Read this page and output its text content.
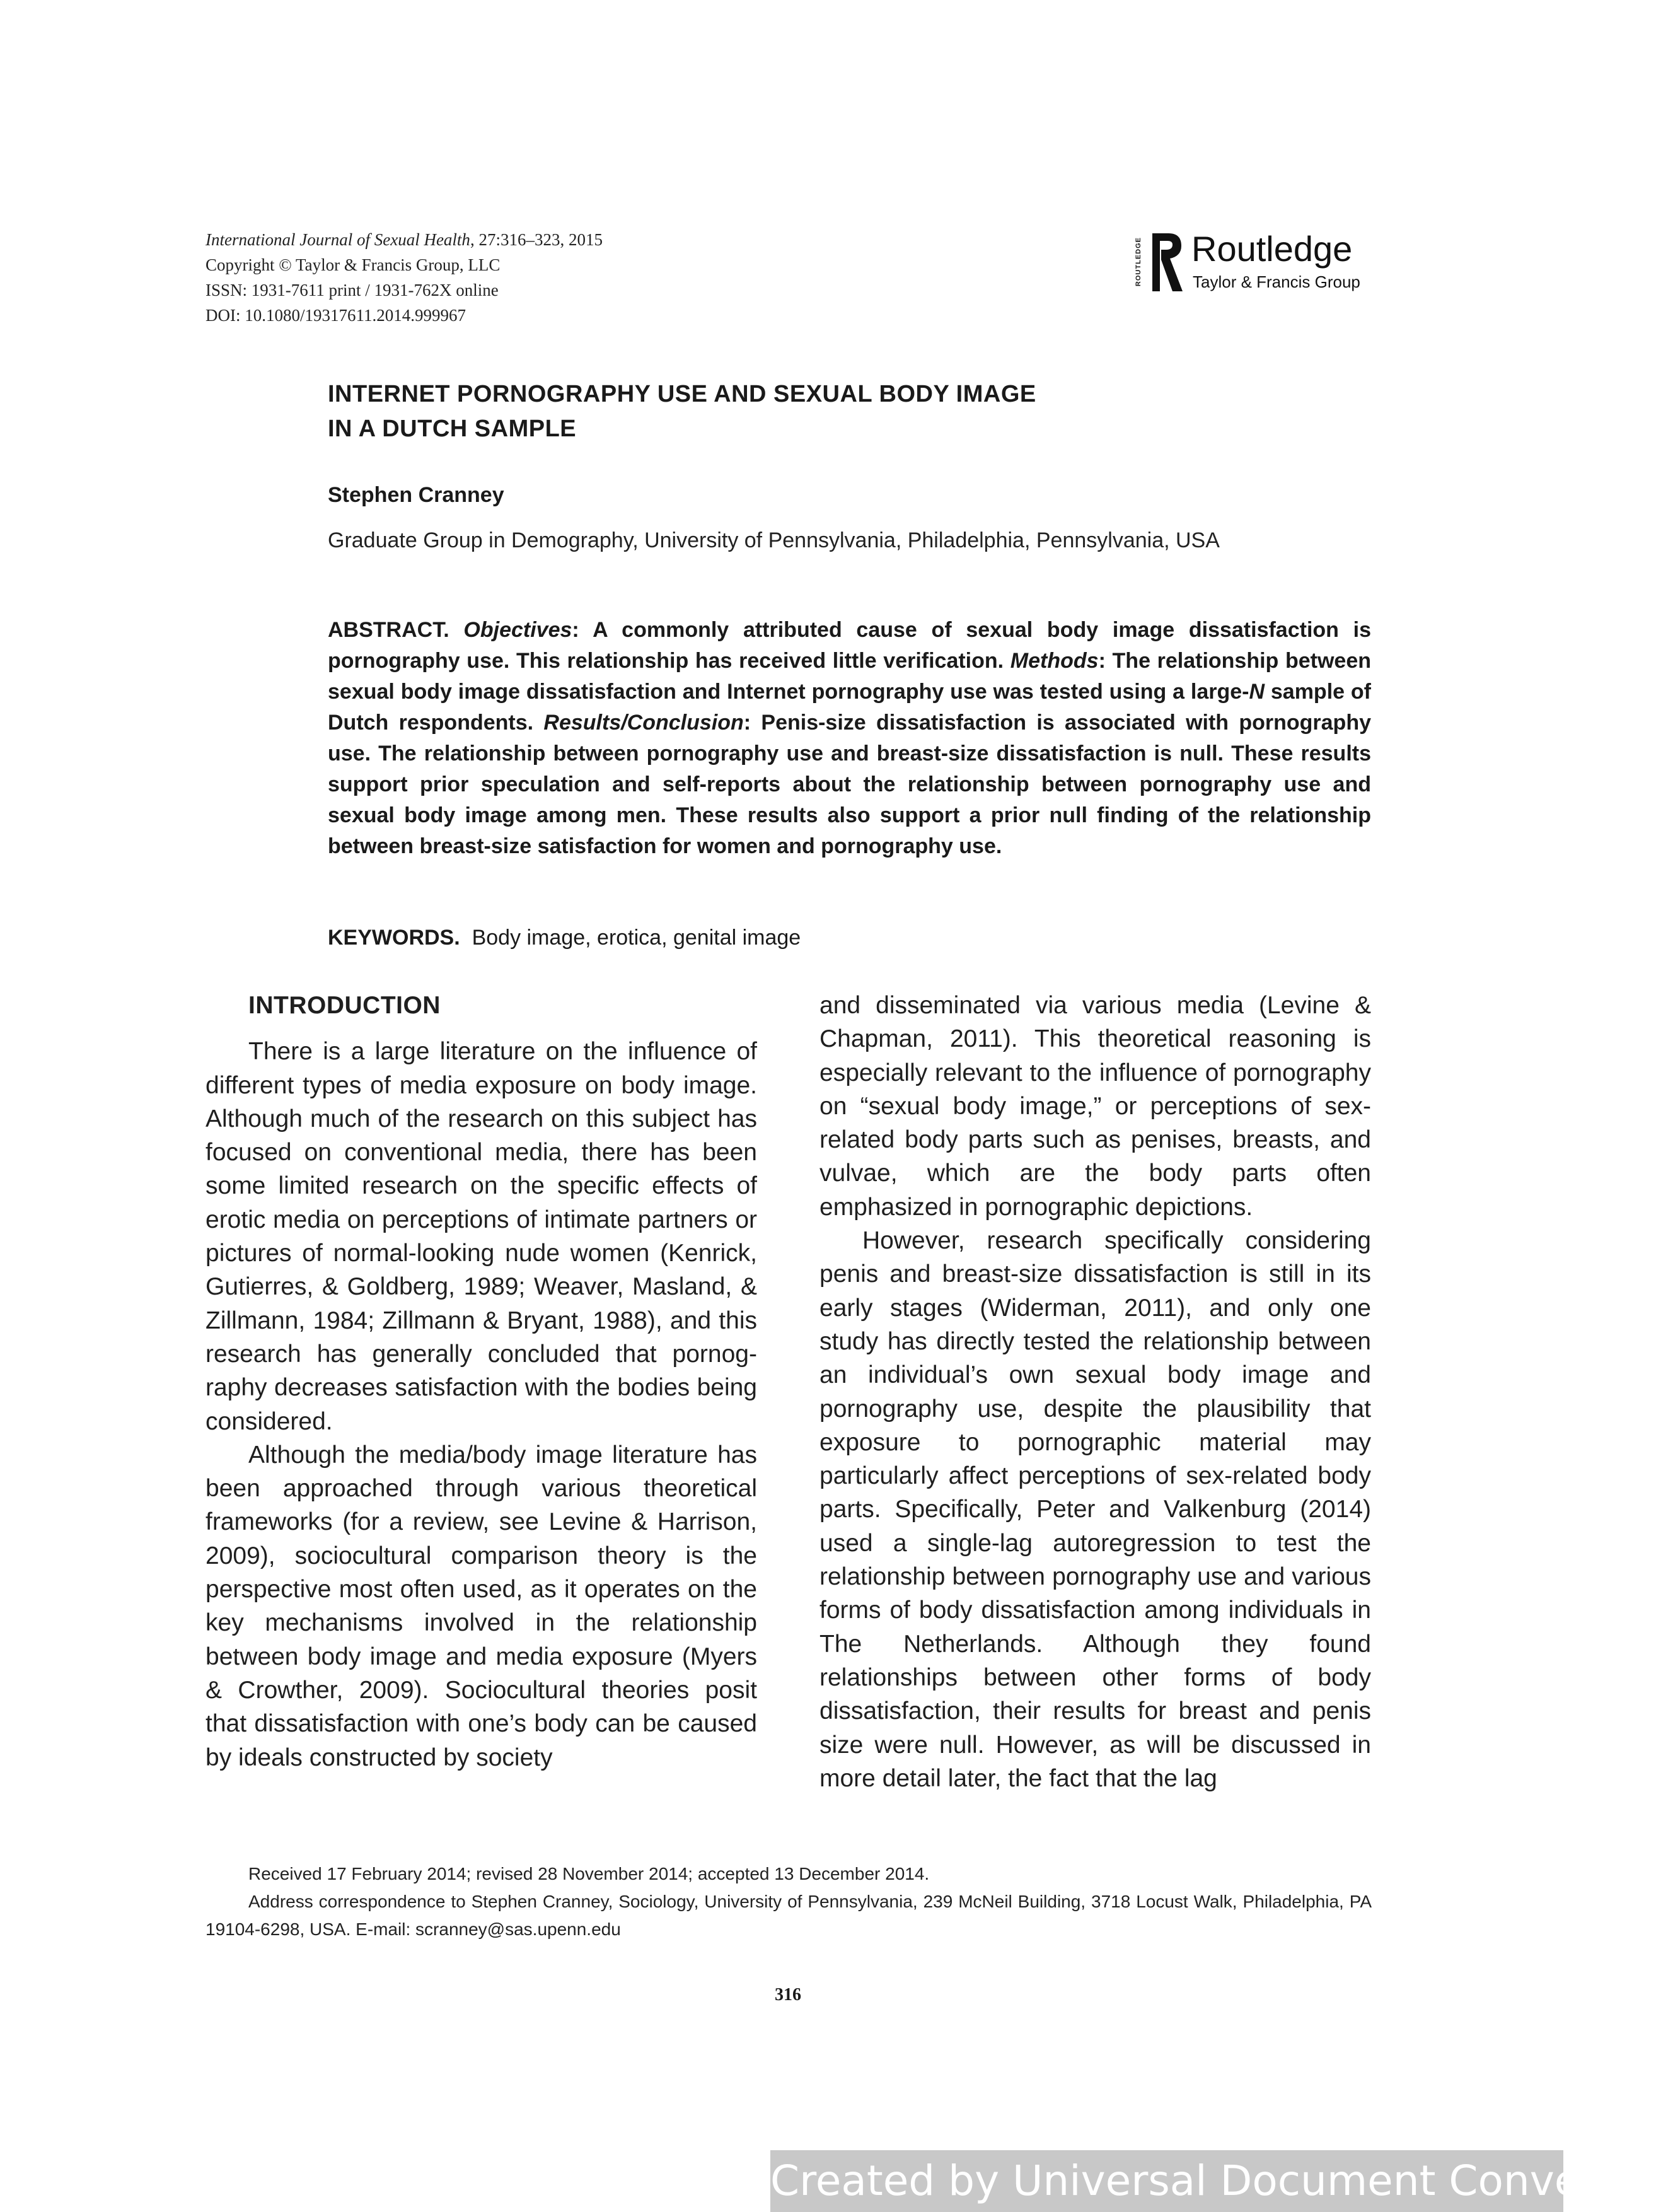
International Journal of Sexual Health, 27:316–323, 2015
Copyright © Taylor & Francis Group, LLC
ISSN: 1931-7611 print / 1931-762X online
DOI: 10.1080/19317611.2014.999967
ROUTLEDGE Routledge
Taylor & Francis Group
INTERNET PORNOGRAPHY USE AND SEXUAL BODY IMAGE
IN A DUTCH SAMPLE
Stephen Cranney
Graduate Group in Demography, University of Pennsylvania, Philadelphia, Pennsylvania, USA
ABSTRACT. Objectives: A commonly attributed cause of sexual body image dissatisfaction is pornography use. This relationship has received little verification. Methods: The relationship between sexual body image dissatisfaction and Internet pornography use was tested using a large-N sample of Dutch respondents. Results/Conclusion: Penis-size dissatisfaction is associated with pornography use. The relationship between pornography use and breast-size dissatisfaction is null. These results support prior speculation and self-reports about the relationship between pornography use and sexual body image among men. These results also support a prior null finding of the relationship between breast-size satisfaction for women and pornography use.
KEYWORDS. Body image, erotica, genital image
INTRODUCTION

There is a large literature on the influence of different types of media exposure on body image. Although much of the research on this subject has focused on conventional media, there has been some limited research on the specific effects of erotic media on perceptions of intimate partners or pictures of normal-looking nude women (Kenrick, Gutierres, & Goldberg, 1989; Weaver, Masland, & Zillmann, 1984; Zillmann & Bryant, 1988), and this research has generally concluded that pornography decreases satisfaction with the bodies being considered.

Although the media/body image literature has been approached through various theoretical frameworks (for a review, see Levine & Harrison, 2009), sociocultural comparison theory is the perspective most often used, as it operates on the key mechanisms involved in the relationship between body image and media exposure (Myers & Crowther, 2009). Sociocultural theories posit that dissatisfaction with one’s body can be caused by ideals constructed by society

and disseminated via various media (Levine & Chapman, 2011). This theoretical reasoning is especially relevant to the influence of pornography on “sexual body image,” or perceptions of sex-related body parts such as penises, breasts, and vulvae, which are the body parts often emphasized in pornographic depictions.

However, research specifically considering penis and breast-size dissatisfaction is still in its early stages (Widerman, 2011), and only one study has directly tested the relationship between an individual’s own sexual body image and pornography use, despite the plausibility that exposure to pornographic material may particularly affect perceptions of sex-related body parts. Specifically, Peter and Valkenburg (2014) used a single-lag autoregression to test the relationship between pornography use and various forms of body dissatisfaction among individuals in The Netherlands. Although they found relationships between other forms of body dissatisfaction, their results for breast and penis size were null. However, as will be discussed in more detail later, the fact that the lag

Received 17 February 2014; revised 28 November 2014; accepted 13 December 2014.

Address correspondence to Stephen Cranney, Sociology, University of Pennsylvania, 239 McNeil Building, 3718 Locust Walk, Philadelphia, PA 19104-6298, USA. E-mail: scranney@sas.upenn.edu

316
Created by Universal Document Converter
